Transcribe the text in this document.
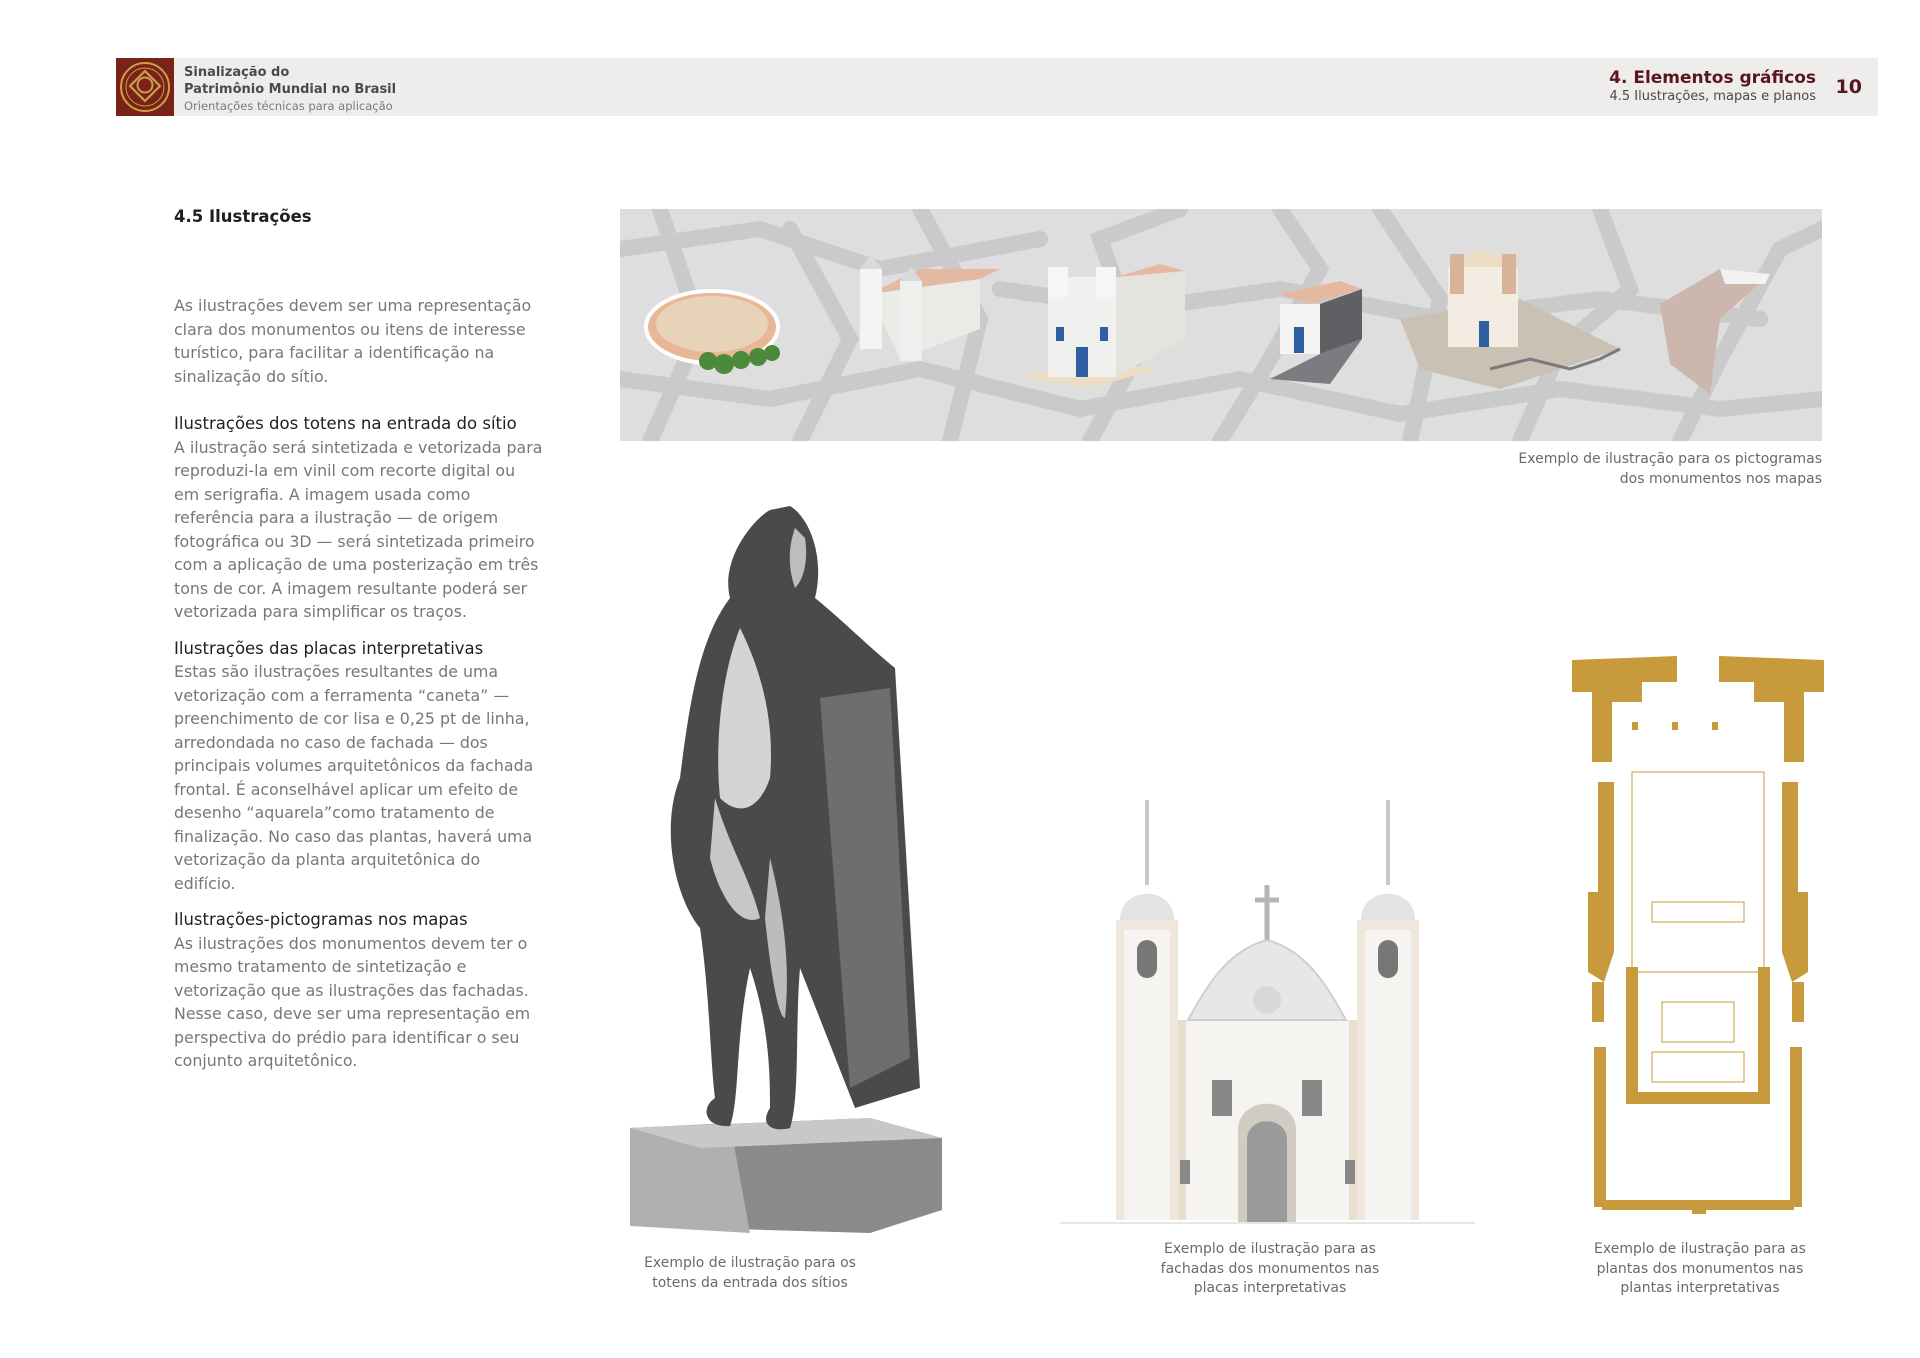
Sinalização do
Patrimônio Mundial no Brasil
Orientações técnicas para aplicação
4. Elementos gráficos
4.5 Ilustrações, mapas e planos 10
4.5 Ilustrações

As ilustrações devem ser uma representação clara dos monumentos ou itens de interesse turístico, para facilitar a identificação na sinalização do sítio.

Ilustrações dos totens na entrada do sítio

A ilustração será sintetizada e vetorizada para reproduzi-la em vinil com recorte digital ou em serigrafia. A imagem usada como referência para a ilustração — de origem fotográfica ou 3D — será sintetizada primeiro com a aplicação de uma posterização em três tons de cor. A imagem resultante poderá ser vetorizada para simplificar os traços.

Ilustrações das placas interpretativas

Estas são ilustrações resultantes de uma vetorização com a ferramenta “caneta” — preenchimento de cor lisa e 0,25 pt de linha, arredondada no caso de fachada — dos principais volumes arquitetônicos da fachada frontal. É aconselhável aplicar um efeito de desenho “aquarela”como tratamento de finalização. No caso das plantas, haverá uma vetorização da planta arquitetônica do edifício.

Ilustrações-pictogramas nos mapas

As ilustrações dos monumentos devem ter o mesmo tratamento de sintetização e vetorização que as ilustrações das fachadas. Nesse caso, deve ser uma representação em perspectiva do prédio para identificar o seu conjunto arquitetônico.

Exemplo de ilustração para os pictogramas
dos monumentos nos mapas
Exemplo de ilustração para os
totens da entrada dos sítios
Exemplo de ilustração para as
fachadas dos monumentos nas
placas interpretativas
Exemplo de ilustração para as
plantas dos monumentos nas
plantas interpretativas
